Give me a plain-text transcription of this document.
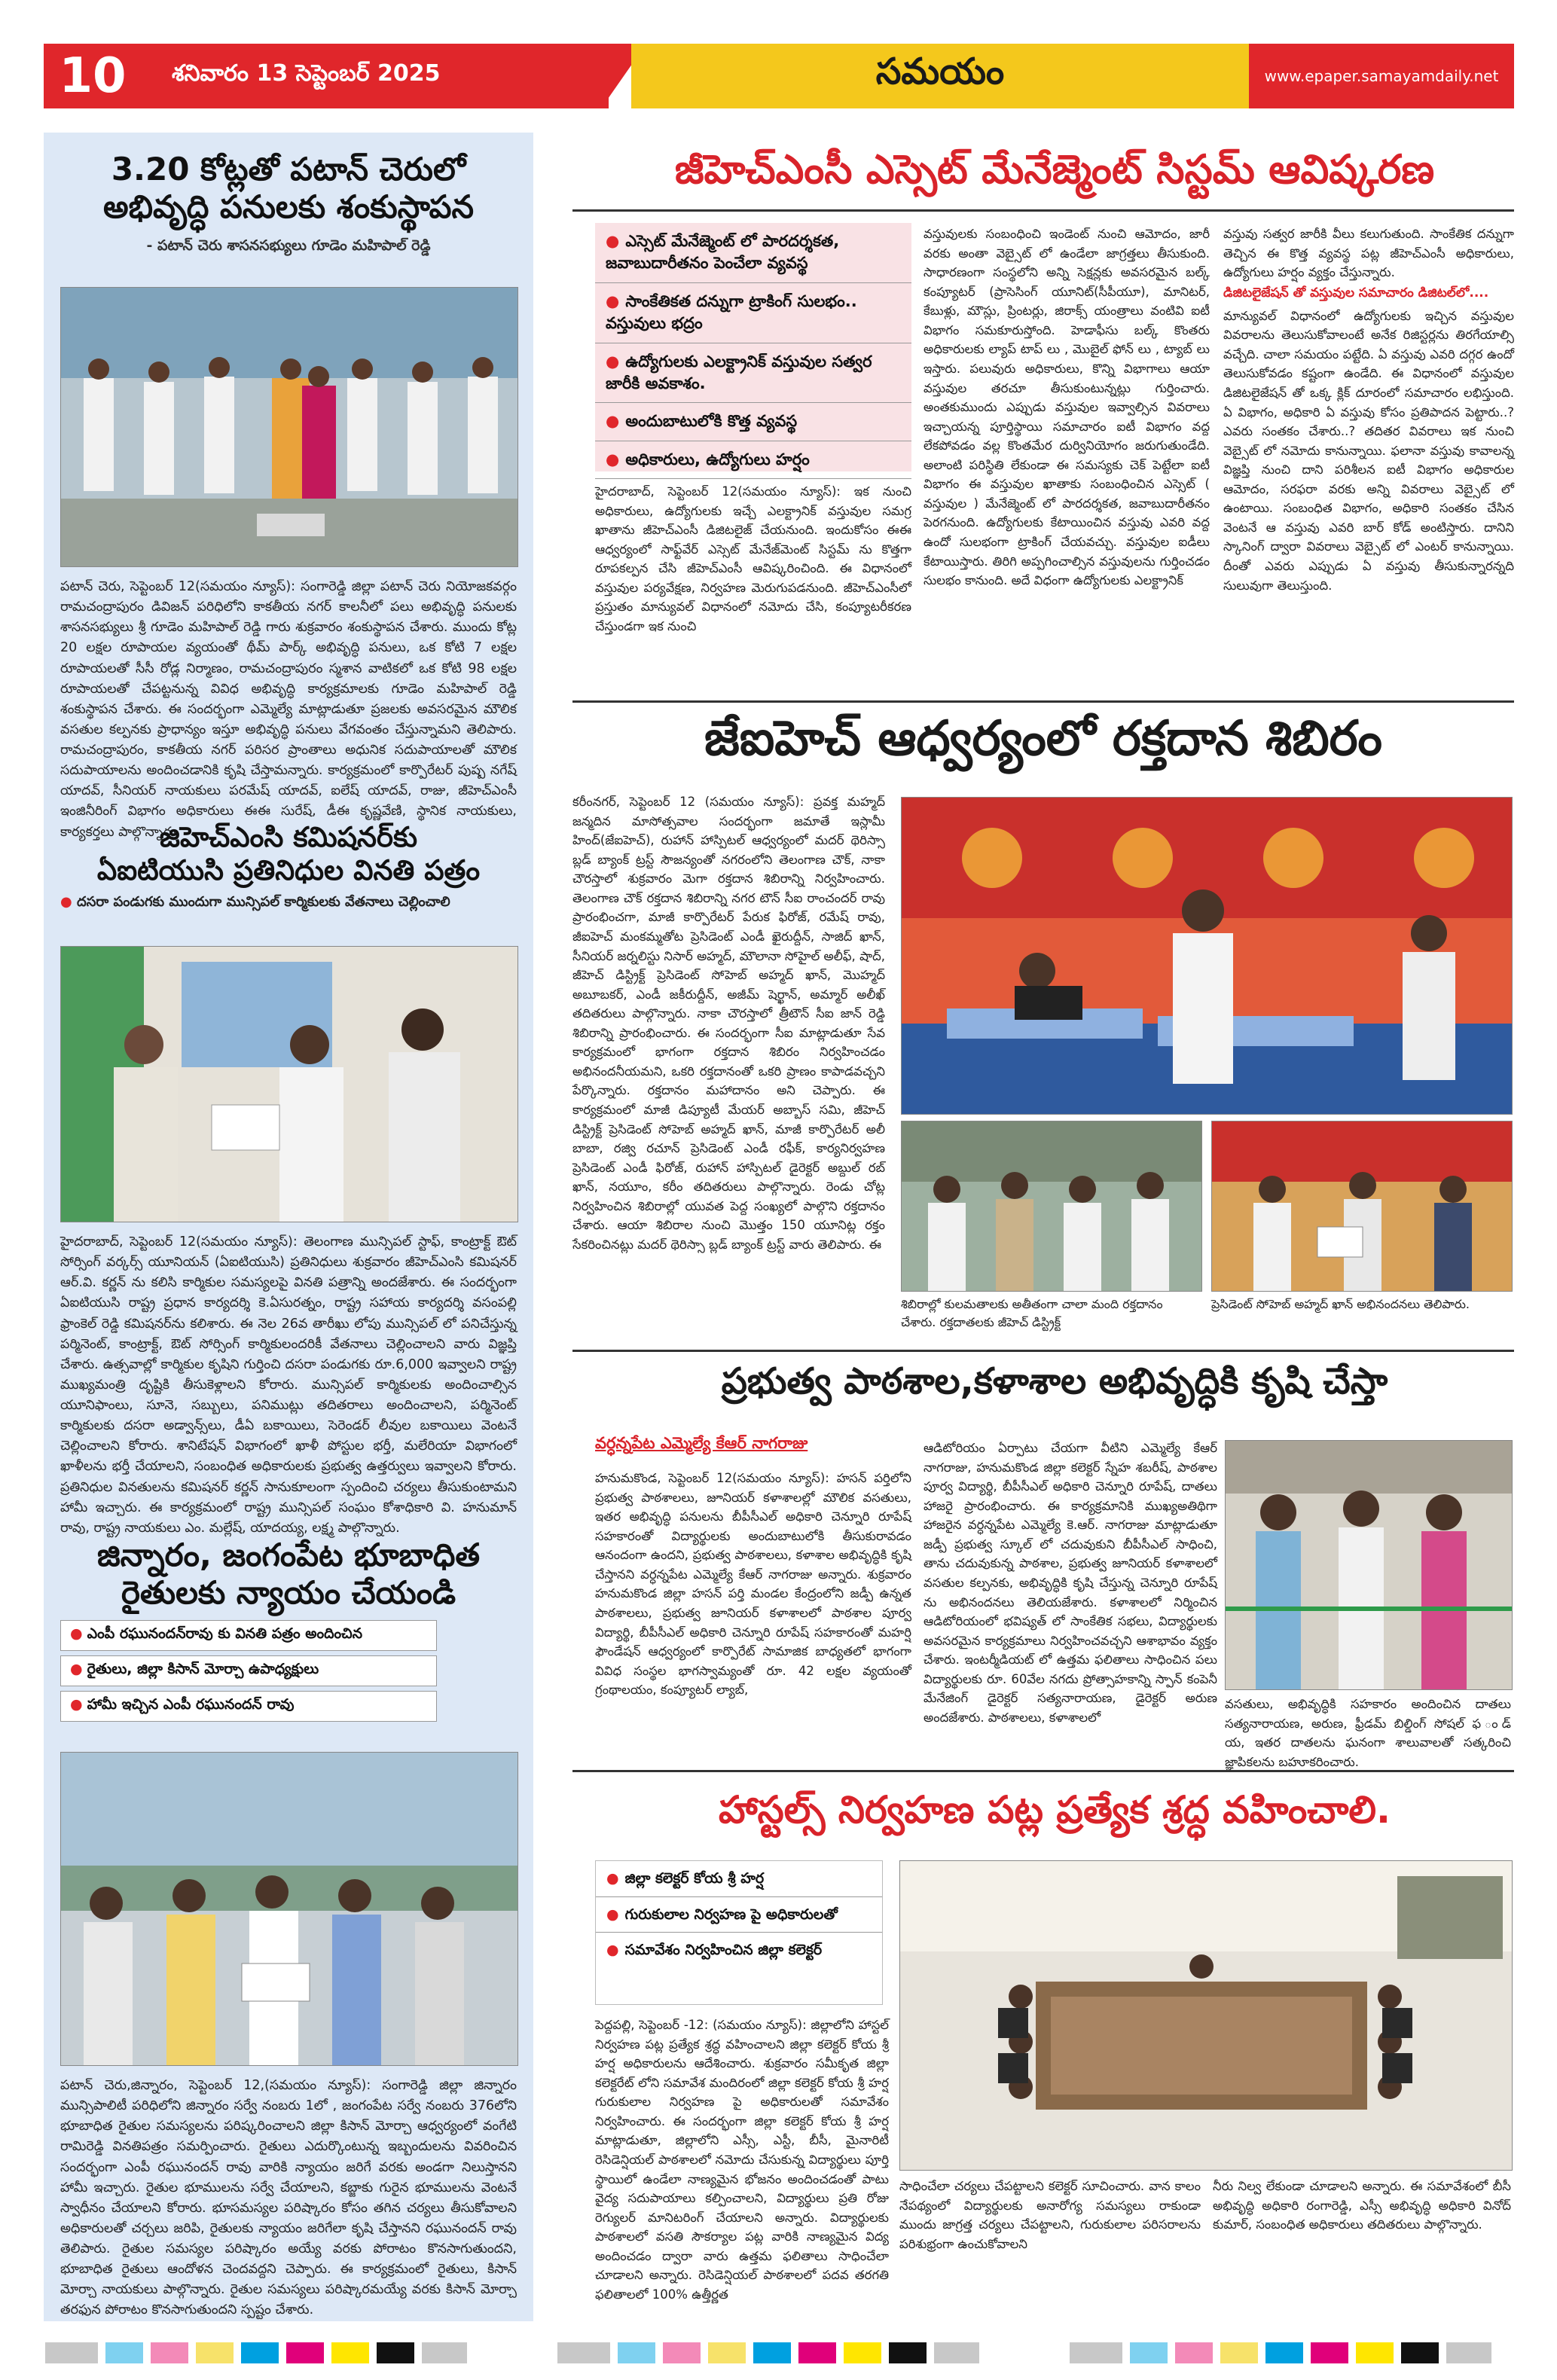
10	శనివారం 13 సెప్టెంబర్ 2025	సమయం	www.epaper.samayamdaily.net
3.20 కోట్లతో పటాన్ చెరులో
అభివృద్ధి పనులకు శంకుస్థాపన
- పటాన్ చెరు శాసనసభ్యులు గూడెం మహిపాల్ రెడ్డి
పటాన్ చెరు, సెప్టెంబర్ 12(సమయం న్యూస్): సంగారెడ్డి జిల్లా పటాన్ చెరు నియోజకవర్గం రామచంద్రాపురం డివిజన్ పరిధిలోని కాకతీయ నగర్ కాలనీలో పలు అభివృద్ధి పనులకు శాసనసభ్యులు శ్రీ గూడెం మహిపాల్ రెడ్డి గారు శుక్రవారం శంకుస్థాపన చేశారు. ముందు కోట్ల 20 లక్షల రూపాయల వ్యయంతో థీమ్ పార్క్ అభివృద్ధి పనులు, ఒక కోటి 7 లక్షల రూపాయలతో సీసీ రోడ్ల నిర్మాణం, రామచంద్రాపురం స్మశాన వాటికలో ఒక కోటి 98 లక్షల రూపాయలతో చేపట్టనున్న వివిధ అభివృద్ధి కార్యక్రమాలకు గూడెం మహిపాల్ రెడ్డి శంకుస్థాపన చేశారు. ఈ సందర్భంగా ఎమ్మెల్యే మాట్లాడుతూ ప్రజలకు అవసరమైన మౌలిక వసతుల కల్పనకు ప్రాధాన్యం ఇస్తూ అభివృద్ధి పనులు వేగవంతం చేస్తున్నామని తెలిపారు. రామచంద్రాపురం, కాకతీయ నగర్ పరిసర ప్రాంతాలు అధునిక సదుపాయాలతో మౌలిక సదుపాయాలను అందించడానికి కృషి చేస్తామన్నారు. కార్యక్రమంలో కార్పొరేటర్ పుష్ప నగేష్ యాదవ్, సీనియర్ నాయకులు పరమేష్ యాదవ్, ఐలేష్ యాదవ్, రాజు, జీహెచ్ఎంసీ ఇంజినీరింగ్ విభాగం అధికారులు ఈఈ సురేష్, డీఈ కృష్ణవేణి, స్థానిక నాయకులు, కార్యకర్తలు పాల్గొన్నారు.
జిహెచ్ఎంసి కమిషనర్‌కు
ఏఐటియుసి ప్రతినిధుల వినతి పత్రం
● దసరా పండుగకు ముందుగా మున్సిపల్ కార్మికులకు వేతనాలు చెల్లించాలి
హైదరాబాద్, సెప్టెంబర్ 12(సమయం న్యూస్): తెలంగాణ మున్సిపల్ స్టాఫ్, కాంట్రాక్ట్ ఔట్ సోర్సింగ్ వర్కర్స్ యూనియన్ (ఏఐటియుసి) ప్రతినిధులు శుక్రవారం జీహెచ్ఎంసి కమిషనర్ ఆర్.వి. కర్ణన్ ను కలిసి కార్మికుల సమస్యలపై వినతి పత్రాన్ని అందజేశారు. ఈ సందర్భంగా ఏఐటియుసి రాష్ట్ర ప్రధాన కార్యదర్శి కె.ఏసురత్నం, రాష్ట్ర సహాయ కార్యదర్శి వసంపల్లి ఫ్రాంకెల్ రెడ్డి కమిషనర్‌ను కలిశారు. ఈ నెల 26వ తారీఖు లోపు మున్సిపల్ లో పనిచేస్తున్న పర్మినెంట్, కాంట్రాక్ట్, ఔట్ సోర్సింగ్ కార్మికులందరికీ వేతనాలు చెల్లించాలని వారు విజ్ఞప్తి చేశారు. ఉత్సవాల్లో కార్మికుల కృషిని గుర్తించి దసరా పండుగకు రూ.6,000 ఇవ్వాలని రాష్ట్ర ముఖ్యమంత్రి దృష్టికి తీసుకెళ్లాలని కోరారు. మున్సిపల్ కార్మికులకు అందించాల్సిన యూనిఫాంలు, సూనె, సబ్బులు, పనిముట్లు తదితరాలు అందించాలని, పర్మినెంట్ కార్మికులకు దసరా అడ్వాన్స్‌లు, డీఏ బకాయిలు, సెరెండర్ లీవుల బకాయిలు వెంటనే చెల్లించాలని కోరారు. శానిటేషన్ విభాగంలో ఖాళీ పోస్టుల భర్తీ, మలేరియా విభాగంలో ఖాళీలను భర్తీ చేయాలని, సంబంధిత అధికారులకు ప్రభుత్వ ఉత్తర్వులు ఇవ్వాలని కోరారు. ప్రతినిధుల వినతులను కమిషనర్ కర్ణన్ సానుకూలంగా స్పందించి చర్యలు తీసుకుంటామని హామీ ఇచ్చారు. ఈ కార్యక్రమంలో రాష్ట్ర మున్సిపల్ సంఘం కోశాధికారి వి. హనుమాన్ రావు, రాష్ట్ర నాయకులు ఎం. మల్లేష్, యాదయ్య, లక్ష్మ పాల్గొన్నారు.
జిన్నారం, జంగంపేట భూబాధిత
రైతులకు న్యాయం చేయండి
● ఎంపీ రఘునందన్‌రావు కు వినతి పత్రం అందించిన
● రైతులు, జిల్లా కిసాన్ మోర్చా ఉపాధ్యక్షులు
● హామీ ఇచ్చిన ఎంపీ రఘునందన్ రావు
పటాన్ చెరు,జిన్నారం, సెప్టెంబర్ 12,(సమయం న్యూస్): సంగారెడ్డి జిల్లా జిన్నారం మున్సిపాలిటీ పరిధిలోని జిన్నారం సర్వే నంబరు 1లో , జంగంపేట సర్వే నంబరు 376లోని భూబాధిత రైతుల సమస్యలను పరిష్కరించాలని జిల్లా కిసాన్ మోర్చా ఆధ్వర్యంలో వంగేటి రామిరెడ్డి వినతిపత్రం సమర్పించారు. రైతులు ఎదుర్కొంటున్న ఇబ్బందులను వివరించిన సందర్భంగా ఎంపీ రఘునందన్ రావు వారికి న్యాయం జరిగే వరకు అండగా నిలుస్తానని హామీ ఇచ్చారు. రైతుల భూములను సర్వే చేయాలని, కబ్జాకు గురైన భూములను వెంటనే స్వాధీనం చేయాలని కోరారు. భూసమస్యల పరిష్కారం కోసం తగిన చర్యలు తీసుకోవాలని అధికారులతో చర్చలు జరిపి, రైతులకు న్యాయం జరిగేలా కృషి చేస్తానని రఘునందన్ రావు తెలిపారు. రైతుల సమస్యల పరిష్కారం అయ్యే వరకు పోరాటం కొనసాగుతుందని, భూబాధిత రైతులు ఆందోళన చెందవద్దని చెప్పారు. ఈ కార్యక్రమంలో రైతులు, కిసాన్ మోర్చా నాయకులు పాల్గొన్నారు. రైతుల సమస్యలు పరిష్కారమయ్యే వరకు కిసాన్ మోర్చా తరఫున పోరాటం కొనసాగుతుందని స్పష్టం చేశారు.
జీహెచ్ఎంసీ ఎస్సెట్ మేనేజ్మెంట్ సిస్టమ్ ఆవిష్కరణ
● ఎస్సెట్ మేనేజ్మెంట్ లో పారదర్శకత, జవాబుదారీతనం పెంచేలా వ్యవస్థ
● సాంకేతికత దన్నుగా ట్రాకింగ్ సులభం.. వస్తువులు భద్రం
● ఉద్యోగులకు ఎలక్ట్రానిక్ వస్తువుల సత్వర జారీకి అవకాశం.
● అందుబాటులోకి కొత్త వ్యవస్థ
● అధికారులు, ఉద్యోగులు హర్షం
హైదరాబాద్, సెప్టెంబర్ 12(సమయం న్యూస్): ఇక నుంచి అధికారులు, ఉద్యోగులకు ఇచ్చే ఎలక్ట్రానిక్ వస్తువుల సమగ్ర ఖాతాను జీహెచ్ఎంసీ డిజిటలైజ్ చేయనుంది. ఇందుకోసం ఈఈ ఆధ్వర్యంలో సాఫ్ట్‌వేర్ ఎస్సెట్ మేనేజ్‌మెంట్ సిస్టమ్ ను కొత్తగా రూపకల్పన చేసి జీహెచ్ఎంసీ ఆవిష్కరించింది. ఈ విధానంలో వస్తువుల పర్యవేక్షణ, నిర్వహణ మెరుగుపడనుంది. జీహెచ్ఎంసీలో ప్రస్తుతం మాన్యువల్ విధానంలో నమోదు చేసి, కంప్యూటరీకరణ చేస్తుండగా ఇక నుంచి
వస్తువులకు సంబంధించి ఇండెంట్ నుంచి ఆమోదం, జారీ వరకు అంతా వెబ్సైట్ లో ఉండేలా జాగ్రత్తలు తీసుకుంది. సాధారణంగా సంస్థలోని అన్ని సెక్షన్లకు అవసరమైన బల్క్ కంప్యూటర్ (ప్రాసెసింగ్ యూనిట్(సీపీయూ), మానిటర్, కేబుళ్లు, మౌస్లు, ప్రింటర్లు, జిరాక్స్ యంత్రాలు వంటివి ఐటీ విభాగం సమకూరుస్తోంది. హెడాఫీసు బల్క్ కొంతరు అధికారులకు ల్యాప్ టాప్ లు , మొబైల్ ఫోన్ లు , ట్యాబ్ లు ఇస్తారు. పలువురు అధికారులు, కొన్ని విభాగాలు ఆయా వస్తువుల తరచూ తీసుకుంటున్నట్లు గుర్తించారు. అంతకుముందు ఎప్పుడు వస్తువుల ఇవ్వాల్సిన వివరాలు ఇచ్చాయన్న పూర్తిస్థాయి సమాచారం ఐటీ విభాగం వద్ద లేకపోవడం వల్ల కొంతమేర దుర్వినియోగం జరుగుతుండేది. అలాంటి పరిస్థితి లేకుండా ఈ సమస్యకు చెక్ పెట్టేలా ఐటీ విభాగం ఈ వస్తువుల ఖాతాకు సంబంధించిన ఎస్సెట్ ( వస్తువుల ) మేనేజ్మెంట్ లో పారదర్శకత, జవాబుదారీతనం పెరగనుంది. ఉద్యోగులకు కేటాయించిన వస్తువు ఎవరి వద్ద ఉందో సులభంగా ట్రాకింగ్ చేయవచ్చు. వస్తువుల ఐడీలు కేటాయిస్తారు. తిరిగి అప్పగించాల్సిన వస్తువులను గుర్తించడం సులభం కానుంది. అదే విధంగా ఉద్యోగులకు ఎలక్ట్రానిక్
వస్తువు సత్వర జారీకి వీలు కలుగుతుంది. సాంకేతిక దన్నుగా తెచ్చిన ఈ కొత్త వ్యవస్థ పట్ల జీహెచ్ఎంసీ అధికారులు, ఉద్యోగులు హర్షం వ్యక్తం చేస్తున్నారు.
డిజిటలైజేషన్ తో వస్తువుల సమాచారం డిజిటల్‌లో....
మాన్యువల్ విధానంలో ఉద్యోగులకు ఇచ్చిన వస్తువుల వివరాలను తెలుసుకోవాలంటే అనేక రిజిస్టర్లను తిరగేయాల్సి వచ్చేది. చాలా సమయం పట్టేది. ఏ వస్తువు ఎవరి దగ్గర ఉందో తెలుసుకోవడం కష్టంగా ఉండేది. ఈ విధానంలో వస్తువుల డిజిటలైజేషన్ తో ఒక్క క్లిక్ దూరంలో సమాచారం లభిస్తుంది. ఏ విభాగం, అధికారి ఏ వస్తువు కోసం ప్రతిపాదన పెట్టారు..? ఎవరు సంతకం చేశారు..? తదితర వివరాలు ఇక నుంచి వెబ్సైట్ లో నమోదు కానున్నాయి. ఫలానా వస్తువు కావాలన్న విజ్ఞప్తి నుంచి దాని పరిశీలన ఐటీ విభాగం అధికారుల ఆమోదం, సరఫరా వరకు అన్ని వివరాలు వెబ్సైట్ లో ఉంటాయి. సంబంధిత విభాగం, అధికారి సంతకం చేసిన వెంటనే ఆ వస్తువు ఎవరి బార్ కోడ్ అంటిస్తారు. దానిని స్కానింగ్ ద్వారా వివరాలు వెబ్సైట్ లో ఎంటర్ కానున్నాయి. దీంతో ఎవరు ఎప్పుడు ఏ వస్తువు తీసుకున్నారన్నది సులువుగా తెలుస్తుంది.
జేఐహెచ్ ఆధ్వర్యంలో రక్తదాన శిబిరం
కరీంనగర్, సెప్టెంబర్ 12 (సమయం న్యూస్): ప్రవక్త మహ్మద్ జన్మదిన మాసోత్సవాల సందర్భంగా జమాతే ఇస్లామీ హింద్(జేఐహెచ్), రుహాన్ హాస్పిటల్ ఆధ్వర్యంలో మదర్ థెరిస్సా బ్లడ్ బ్యాంక్ ట్రస్ట్ సౌజన్యంతో నగరంలోని తెలంగాణ చౌక్, నాకా చౌరస్తాలో శుక్రవారం మెగా రక్తదాన శిబిరాన్ని నిర్వహించారు. తెలంగాణ చౌక్ రక్తదాన శిబిరాన్ని నగర టౌన్ సీఐ రాంచందర్ రావు ప్రారంభించగా, మాజీ కార్పొరేటర్ పేరుక ఫిరోజ్, రమేష్ రావు, జీఐహెచ్ మంకమ్మతోట ప్రెసిడెంట్ ఎండీ ఖైరుద్దీన్, సాజిద్ ఖాన్, సీనియర్ జర్నలిస్టు నిసార్ అహ్మద్, మౌలానా సోహైల్ అలీఫ్, షాద్, జీహెచ్ డిస్ట్రిక్ట్ ప్రెసిడెంట్ సోహెబ్ అహ్మద్ ఖాన్, మొహ్మద్ అబూబకర్, ఎండీ జకీరుద్దీన్, అజీమ్ షెర్ఖాన్, అమ్మార్ అలీఖ్ తదితరులు పాల్గొన్నారు. నాకా చౌరస్తాలో త్రీటౌన్ సీఐ జాన్ రెడ్డి శిబిరాన్ని ప్రారంభించారు. ఈ సందర్భంగా సీఐ మాట్లాడుతూ సేవ కార్యక్రమంలో భాగంగా రక్తదాన శిబిరం నిర్వహించడం అభినందనీయమని, ఒకరి రక్తదానంతో ఒకరి ప్రాణం కాపాడవచ్చని పేర్కొన్నారు. రక్తదానం మహాదానం అని చెప్పారు. ఈ కార్యక్రమంలో మాజీ డిప్యూటీ మేయర్ అబ్బాస్ సమి, జీహెచ్ డిస్ట్రిక్ట్ ప్రెసిడెంట్ సోహెబ్ అహ్మద్ ఖాన్, మాజీ కార్పొరేటర్ అలీ బాబా, రజ్వి రచూన్ ప్రెసిడెంట్ ఎండీ రఫీక్, కార్యనిర్వహణ ప్రెసిడెంట్ ఎండీ ఫిరోజ్, రుహాన్ హాస్పిటల్ డైరెక్టర్ అబ్దుల్ రబ్ ఖాన్, నయూం, కరీం తదితరులు పాల్గొన్నారు. రెండు చోట్ల నిర్వహించిన శిబిరాల్లో యువత పెద్ద సంఖ్యలో పాల్గొని రక్తదానం చేశారు. ఆయా శిబిరాల నుంచి మొత్తం 150 యూనిట్ల రక్తం సేకరించినట్లు మదర్ థెరిస్సా బ్లడ్ బ్యాంక్ ట్రస్ట్ వారు తెలిపారు. ఈ
శిబిరాల్లో కులమతాలకు అతీతంగా చాలా మంది రక్తదానం చేశారు. రక్తదాతలకు జీహెచ్ డిస్ట్రిక్ట్
ప్రెసిడెంట్ సోహెబ్ అహ్మద్ ఖాన్ అభినందనలు తెలిపారు.
ప్రభుత్వ పాఠశాల,కళాశాల అభివృద్ధికి కృషి చేస్తా
వర్ధన్నపేట ఎమ్మెల్యే కేఆర్ నాగరాజు
హనుమకొండ, సెప్టెంబర్ 12(సమయం న్యూస్): హసన్ పర్తిలోని ప్రభుత్వ పాఠశాలలు, జూనియర్ కళాశాలల్లో మౌలిక వసతులు, ఇతర అభివృద్ధి పనులను బీపీసీఎల్ అధికారి చెన్నూరి రూపేష్ సహకారంతో విద్యార్థులకు అందుబాటులోకి తీసుకురావడం ఆనందంగా ఉందని, ప్రభుత్వ పాఠశాలలు, కళాశాల అభివృద్ధికి కృషి చేస్తానని వర్ధన్నపేట ఎమ్మెల్యే కేఆర్ నాగరాజు అన్నారు. శుక్రవారం హనుమకొండ జిల్లా హసన్ పర్తి మండల కేంద్రంలోని జడ్పీ ఉన్నత పాఠశాలలు, ప్రభుత్వ జూనియర్ కళాశాలలో పాఠశాల పూర్వ విద్యార్థి, బీపీసీఎల్ అధికారి చెన్నూరి రూపేష్ సహకారంతో మహర్షి ఫౌండేషన్ ఆధ్వర్యంలో కార్పొరేట్ సామాజిక బాధ్యతలో భాగంగా వివిధ సంస్థల భాగస్వామ్యంతో రూ. 42 లక్షల వ్యయంతో గ్రంథాలయం, కంప్యూటర్ ల్యాబ్,
ఆడిటోరియం ఏర్పాటు చేయగా వీటిని ఎమ్మెల్యే కేఆర్ నాగరాజు, హనుమకొండ జిల్లా కలెక్టర్ స్నేహ శబరీష్, పాఠశాల పూర్వ విద్యార్థి, బీపీసీఎల్ అధికారి చెన్నూరి రూపేష్, దాతలు హాజరై ప్రారంభించారు. ఈ కార్యక్రమానికి ముఖ్యఅతిథిగా హాజరైన వర్ధన్నపేట ఎమ్మెల్యే కె.ఆర్. నాగరాజు మాట్లాడుతూ జడ్పీ ప్రభుత్వ స్కూల్ లో చదువుకుని బీపీసీఎల్ సాధించి, తాను చదువుకున్న పాఠశాల, ప్రభుత్వ జూనియర్ కళాశాలలో వసతుల కల్పనకు, అభివృద్ధికి కృషి చేస్తున్న చెన్నూరి రూపేష్ ను అభినందనలు తెలియజేశారు. కళాశాలలో నిర్మించిన ఆడిటోరియంలో భవిష్యత్ లో సాంకేతిక సభలు, విద్యార్థులకు అవసరమైన కార్యక్రమాలు నిర్వహించవచ్చని ఆశాభావం వ్యక్తం చేశారు. ఇంటర్మీడియట్ లో ఉత్తమ ఫలితాలు సాధించిన పలు విద్యార్థులకు రూ. 60వేల నగదు ప్రోత్సాహకాన్ని స్పాన్ కంపెనీ మేనేజింగ్ డైరెక్టర్ సత్యనారాయణ, డైరెక్టర్ అరుణ అందజేశారు. పాఠశాలలు, కళాశాలలో
వసతులు, అభివృద్ధికి సహకారం అందించిన దాతలు సత్యనారాయణ, అరుణ, ఫ్రీడమ్ బిల్డింగ్ సోషల్ ఫ ండ్ య, ఇతర దాతలను ఘనంగా శాలువాలతో సత్కరించి జ్ఞాపికలను బహూకరించారు.
హాస్టల్స్ నిర్వహణ పట్ల ప్రత్యేక శ్రద్ధ వహించాలి.
● జిల్లా కలెక్టర్ కోయ శ్రీ హర్ష
● గురుకులాల నిర్వహణ పై అధికారులతో
● సమావేశం నిర్వహించిన జిల్లా కలెక్టర్
పెద్దపల్లి, సెప్టెంబర్ -12: (సమయం న్యూస్): జిల్లాలోని హాస్టల్ నిర్వహణ పట్ల ప్రత్యేక శ్రద్ధ వహించాలని జిల్లా కలెక్టర్ కోయ శ్రీ హర్ష అధికారులను ఆదేశించారు. శుక్రవారం సమీకృత జిల్లా కలెక్టరేట్ లోని సమావేశ మందిరంలో జిల్లా కలెక్టర్ కోయ శ్రీ హర్ష గురుకులాల నిర్వహణ పై అధికారులతో సమావేశం నిర్వహించారు. ఈ సందర్భంగా జిల్లా కలెక్టర్ కోయ శ్రీ హర్ష మాట్లాడుతూ, జిల్లాలోని ఎస్సీ, ఎస్టీ, బీసీ, మైనారిటీ రెసిడెన్షియల్ పాఠశాలలో నమోదు చేసుకున్న విద్యార్థులు పూర్తి స్థాయిలో ఉండేలా నాణ్యమైన భోజనం అందించడంతో పాటు వైద్య సదుపాయాలు కల్పించాలని, విద్యార్థులు ప్రతి రోజు రెగ్యులర్ మానిటరింగ్ చేయాలని అన్నారు. విద్యార్థులకు పాఠశాలలో వసతి సౌకర్యాల పట్ల వారికి నాణ్యమైన విద్య అందించడం ద్వారా వారు ఉత్తమ ఫలితాలు సాధించేలా చూడాలని అన్నారు. రెసిడెన్షియల్ పాఠశాలలో పదవ తరగతి ఫలితాలలో 100% ఉత్తీర్ణత
సాధించేలా చర్యలు చేపట్టాలని కలెక్టర్ సూచించారు. వాన కాలం నేపథ్యంలో విద్యార్థులకు అనారోగ్య సమస్యలు రాకుండా ముందు జాగ్రత్త చర్యలు చేపట్టాలని, గురుకులాల పరిసరాలను పరిశుభ్రంగా ఉంచుకోవాలని
నీరు నిల్వ లేకుండా చూడాలని అన్నారు. ఈ సమావేశంలో బీసీ అభివృద్ధి అధికారి రంగారెడ్డి, ఎస్సీ అభివృద్ధి అధికారి వినోద్ కుమార్, సంబంధిత అధికారులు తదితరులు పాల్గొన్నారు.
